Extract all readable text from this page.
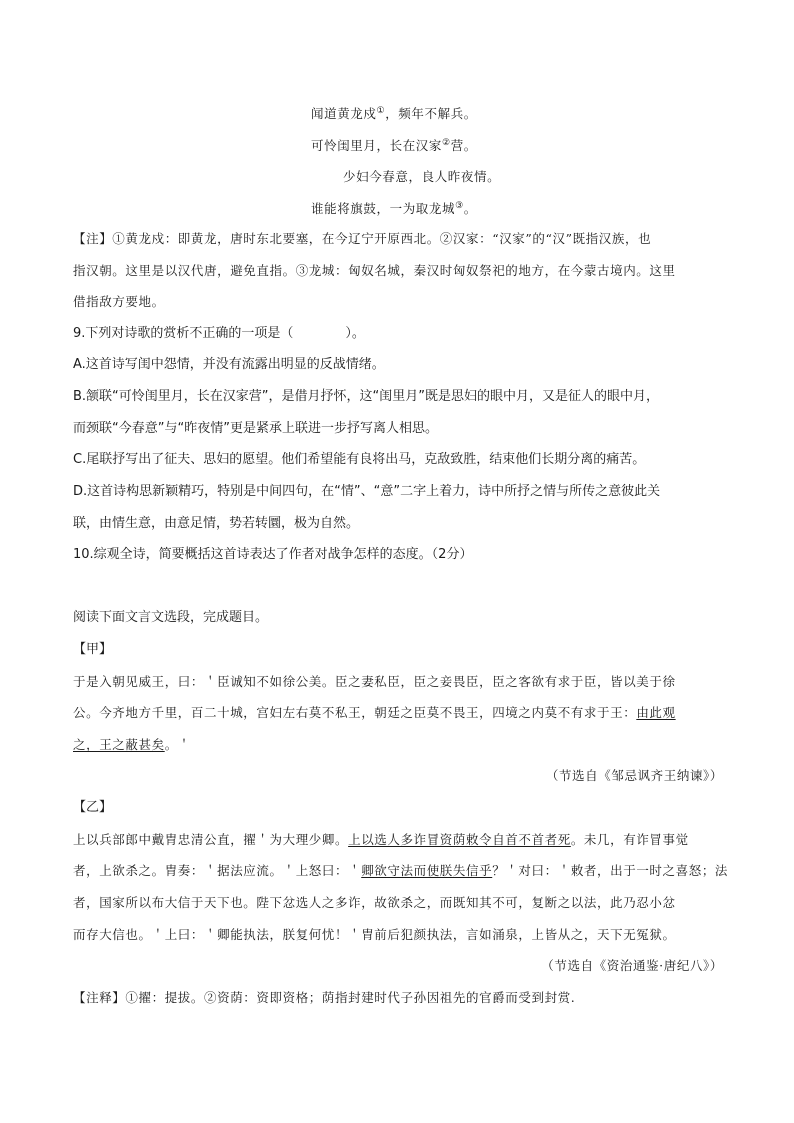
闻道黄龙戍①，频年不解兵。
可怜闺里月，长在汉家②营。
少妇今春意，良人昨夜情。
谁能将旗鼓，一为取龙城③。
【注】①黄龙戍：即黄龙，唐时东北要塞，在今辽宁开原西北。②汉家：“汉家”的“汉”既指汉族，也
指汉朝。这里是以汉代唐，避免直指。③龙城：匈奴名城，秦汉时匈奴祭祀的地方，在今蒙古境内。这里
借指敌方要地。
9.下列对诗歌的赏析不正确的一项是（　　　　）。
A.这首诗写闺中怨情，并没有流露出明显的反战情绪。
B.颔联“可怜闺里月，长在汉家营”，是借月抒怀，这“闺里月”既是思妇的眼中月，又是征人的眼中月，
而颈联“今春意”与“昨夜情”更是紧承上联进一步抒写离人相思。
C.尾联抒写出了征夫、思妇的愿望。他们希望能有良将出马，克敌致胜，结束他们长期分离的痛苦。
D.这首诗构思新颖精巧，特别是中间四句，在“情”、“意”二字上着力，诗中所抒之情与所传之意彼此关
联，由情生意，由意足情，势若转圜，极为自然。
10.综观全诗，简要概括这首诗表达了作者对战争怎样的态度。（2分）
阅读下面文言文选段，完成题目。
【甲】
于是入朝见威王，曰：＇臣诚知不如徐公美。臣之妻私臣，臣之妾畏臣，臣之客欲有求于臣，皆以美于徐
公。今齐地方千里，百二十城，宫妇左右莫不私王，朝廷之臣莫不畏王，四境之内莫不有求于王：由此观
之，王之蔽甚矣。＇
（节选自《邹忌讽齐王纳谏》）
【乙】
上以兵部郎中戴胄忠清公直，擢＇为大理少卿。上以选人多诈冒资荫敕令自首不首者死。未几，有诈冒事觉
者，上欲杀之。胄奏：＇据法应流。＇上怒曰：＇卿欲守法而使朕失信乎？＇对曰：＇敕者，出于一时之喜怒；法
者，国家所以布大信于天下也。陛下忿选人之多诈，故欲杀之，而既知其不可，复断之以法，此乃忍小忿
而存大信也。＇上曰：＇卿能执法，朕复何忧！＇胄前后犯颜执法，言如涌泉，上皆从之，天下无冤狱。
（节选自《资治通鉴·唐纪八》）
【注释】①擢：提拔。②资荫：资即资格；荫指封建时代子孙因祖先的官爵而受到封赏.
